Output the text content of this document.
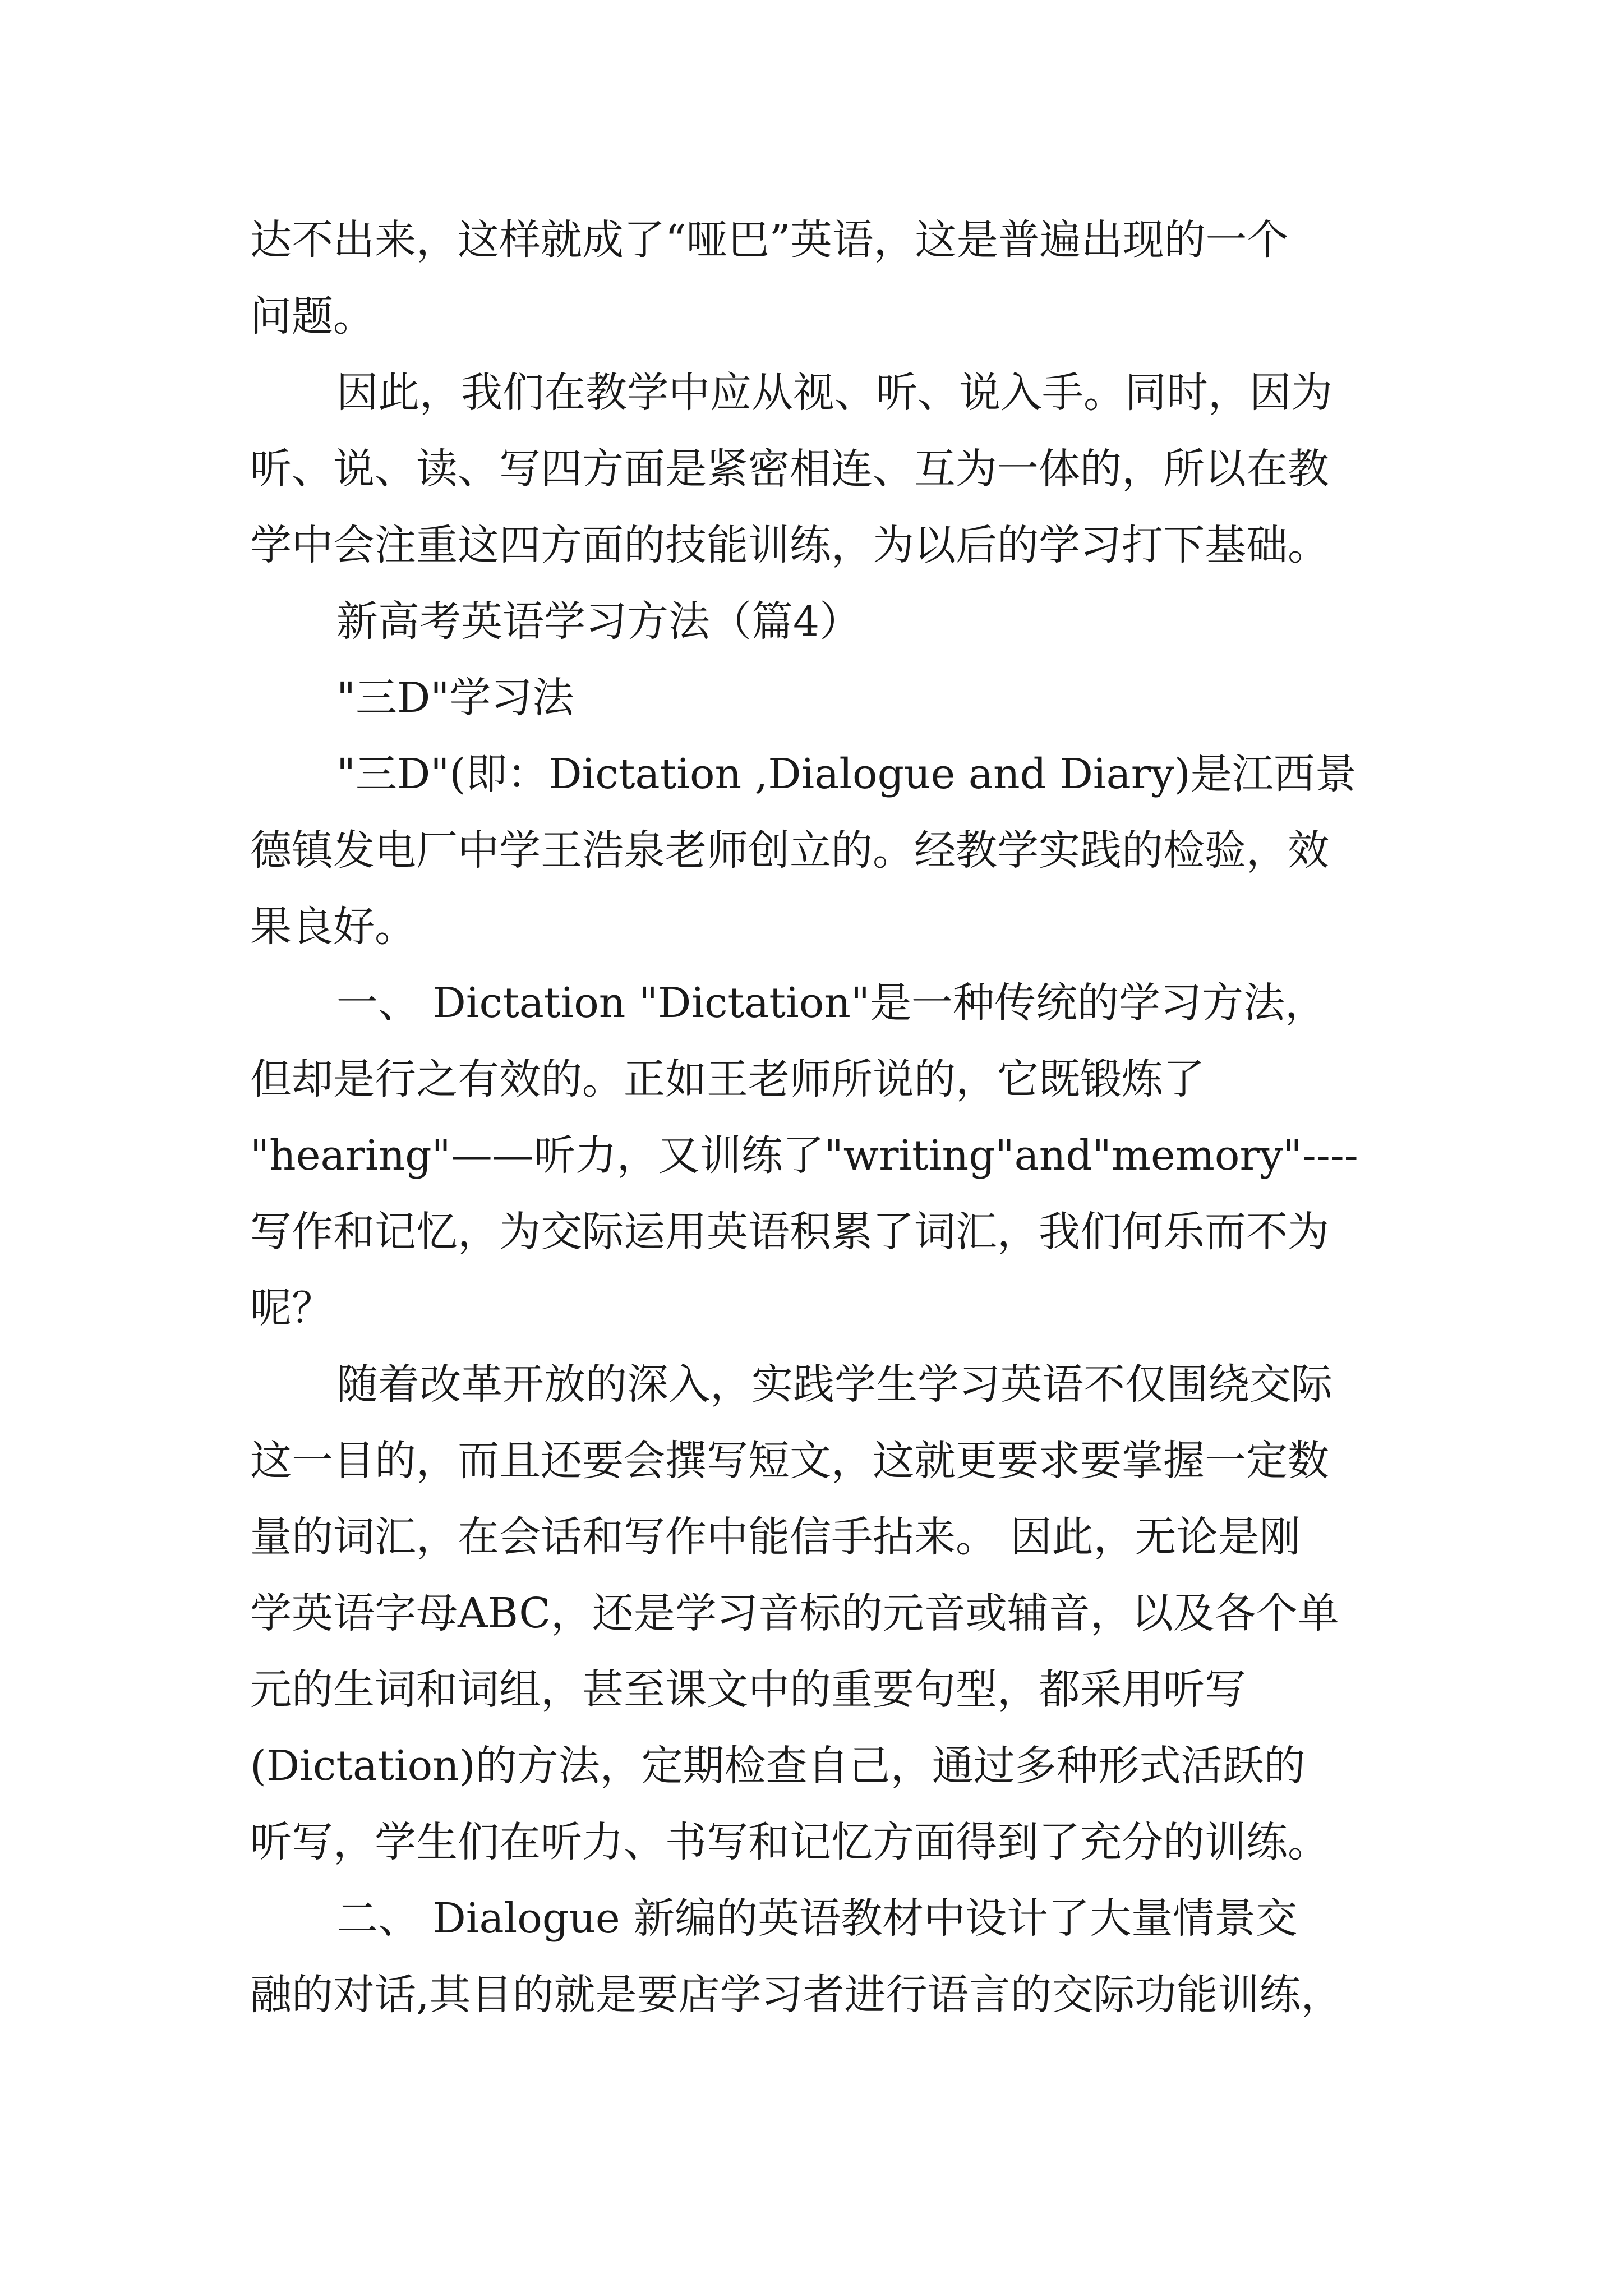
达不出来，这样就成了“哑巴”英语，这是普遍出现的一个
问题。
因此，我们在教学中应从视、听、说入手。同时，因为
听、说、读、写四方面是紧密相连、互为一体的，所以在教
学中会注重这四方面的技能训练，为以后的学习打下基础。
新高考英语学习方法（篇4）
"三D"学习法
"三D"(即：Dictation ,Dialogue and Diary)是江西景
德镇发电厂中学王浩泉老师创立的。经教学实践的检验，效
果良好。
一、 Dictation "Dictation"是一种传统的学习方法，
但却是行之有效的。正如王老师所说的，它既锻炼了
"hearing"——听力，又训练了"writing"and"memory"----
写作和记忆，为交际运用英语积累了词汇，我们何乐而不为
呢？
随着改革开放的深入，实践学生学习英语不仅围绕交际
这一目的，而且还要会撰写短文，这就更要求要掌握一定数
量的词汇，在会话和写作中能信手拈来。 因此，无论是刚
学英语字母ABC，还是学习音标的元音或辅音，以及各个单
元的生词和词组，甚至课文中的重要句型，都采用听写
(Dictation)的方法，定期检查自己，通过多种形式活跃的
听写，学生们在听力、书写和记忆方面得到了充分的训练。
二、 Dialogue 新编的英语教材中设计了大量情景交
融的对话,其目的就是要店学习者进行语言的交际功能训练，
